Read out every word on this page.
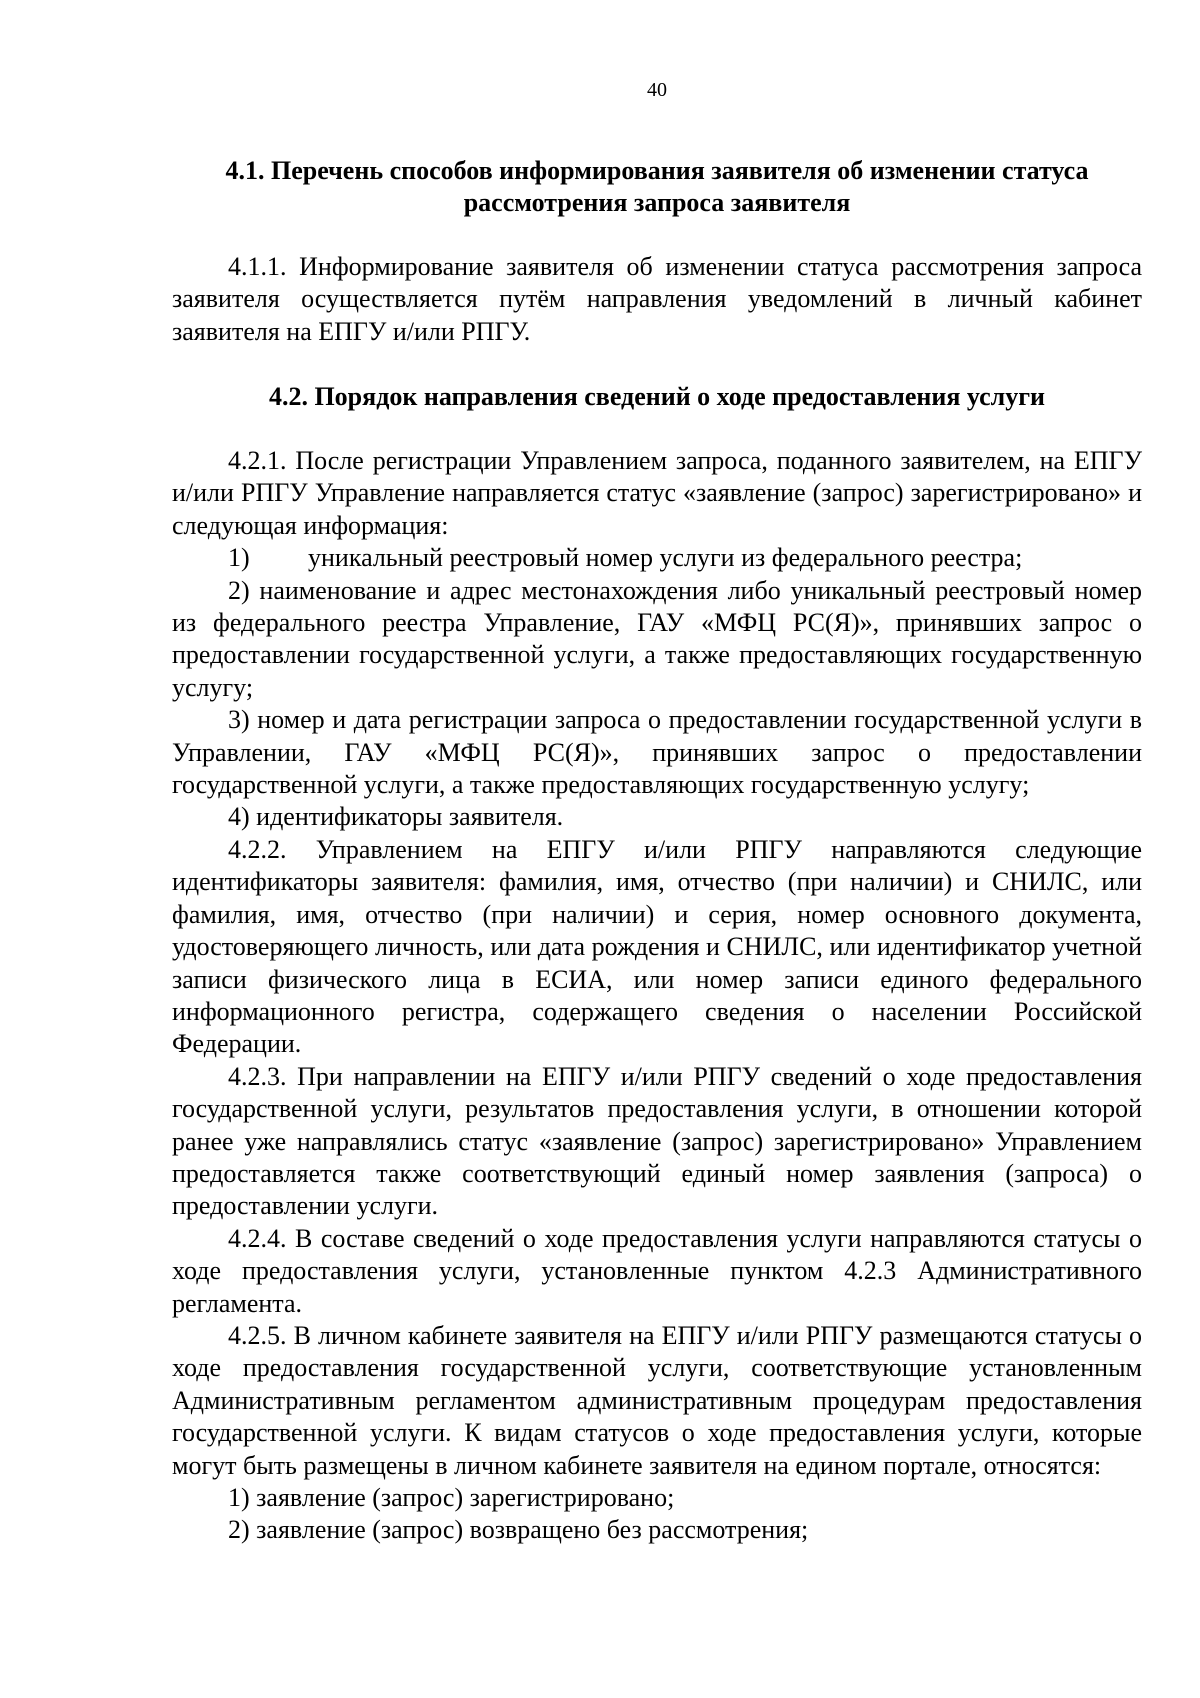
40
4.1. Перечень способов информирования заявителя об изменении статуса рассмотрения запроса заявителя

4.1.1. Информирование заявителя об изменении статуса рассмотрения запроса заявителя осуществляется путём направления уведомлений в личный кабинет заявителя на ЕПГУ и/или РПГУ.

4.2. Порядок направления сведений о ходе предоставления услуги

4.2.1. После регистрации Управлением запроса, поданного заявителем, на ЕПГУ и/или РПГУ Управление направляется статус «заявление (запрос) зарегистрировано» и следующая информация:

1) уникальный реестровый номер услуги из федерального реестра;

2) наименование и адрес местонахождения либо уникальный реестровый номер из федерального реестра Управление, ГАУ «МФЦ РС(Я)», принявших запрос о предоставлении государственной услуги, а также предоставляющих государственную услугу;

3) номер и дата регистрации запроса о предоставлении государственной услуги в Управлении, ГАУ «МФЦ РС(Я)», принявших запрос о предоставлении государственной услуги, а также предоставляющих государственную услугу;

4) идентификаторы заявителя.

4.2.2. Управлением на ЕПГУ и/или РПГУ направляются следующие идентификаторы заявителя: фамилия, имя, отчество (при наличии) и СНИЛС, или фамилия, имя, отчество (при наличии) и серия, номер основного документа, удостоверяющего личность, или дата рождения и СНИЛС, или идентификатор учетной записи физического лица в ЕСИА, или номер записи единого федерального информационного регистра, содержащего сведения о населении Российской Федерации.

4.2.3. При направлении на ЕПГУ и/или РПГУ сведений о ходе предоставления государственной услуги, результатов предоставления услуги, в отношении которой ранее уже направлялись статус «заявление (запрос) зарегистрировано» Управлением предоставляется также соответствующий единый номер заявления (запроса) о предоставлении услуги.

4.2.4. В составе сведений о ходе предоставления услуги направляются статусы о ходе предоставления услуги, установленные пунктом 4.2.3 Административного регламента.

4.2.5. В личном кабинете заявителя на ЕПГУ и/или РПГУ размещаются статусы о ходе предоставления государственной услуги, соответствующие установленным Административным регламентом административным процедурам предоставления государственной услуги. К видам статусов о ходе предоставления услуги, которые могут быть размещены в личном кабинете заявителя на едином портале, относятся:

1) заявление (запрос) зарегистрировано;

2) заявление (запрос) возвращено без рассмотрения;
